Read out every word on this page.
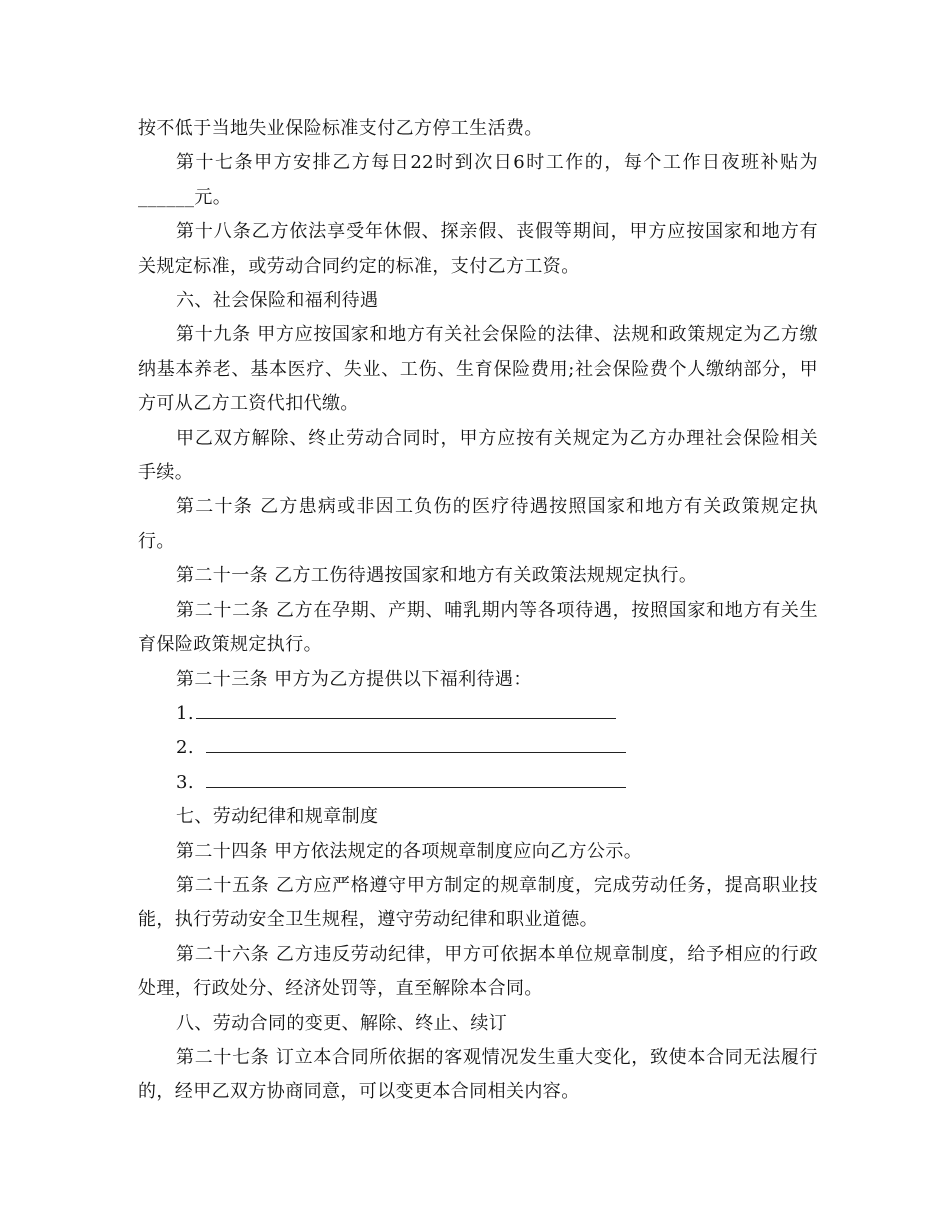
按不低于当地失业保险标准支付乙方停工生活费。

第十七条甲方安排乙方每日22时到次日6时工作的，每个工作日夜班补贴为______元。

第十八条乙方依法享受年休假、探亲假、丧假等期间，甲方应按国家和地方有关规定标准，或劳动合同约定的标准，支付乙方工资。

六、社会保险和福利待遇

第十九条 甲方应按国家和地方有关社会保险的法律、法规和政策规定为乙方缴纳基本养老、基本医疗、失业、工伤、生育保险费用;社会保险费个人缴纳部分，甲方可从乙方工资代扣代缴。

甲乙双方解除、终止劳动合同时，甲方应按有关规定为乙方办理社会保险相关手续。

第二十条 乙方患病或非因工负伤的医疗待遇按照国家和地方有关政策规定执行。

第二十一条 乙方工伤待遇按国家和地方有关政策法规规定执行。

第二十二条 乙方在孕期、产期、哺乳期内等各项待遇，按照国家和地方有关生育保险政策规定执行。

第二十三条 甲方为乙方提供以下福利待遇：

1.

2.

3.

七、劳动纪律和规章制度

第二十四条 甲方依法规定的各项规章制度应向乙方公示。

第二十五条 乙方应严格遵守甲方制定的规章制度，完成劳动任务，提高职业技能，执行劳动安全卫生规程，遵守劳动纪律和职业道德。

第二十六条 乙方违反劳动纪律，甲方可依据本单位规章制度，给予相应的行政处理，行政处分、经济处罚等，直至解除本合同。

八、劳动合同的变更、解除、终止、续订

第二十七条 订立本合同所依据的客观情况发生重大变化，致使本合同无法履行的，经甲乙双方协商同意，可以变更本合同相关内容。
